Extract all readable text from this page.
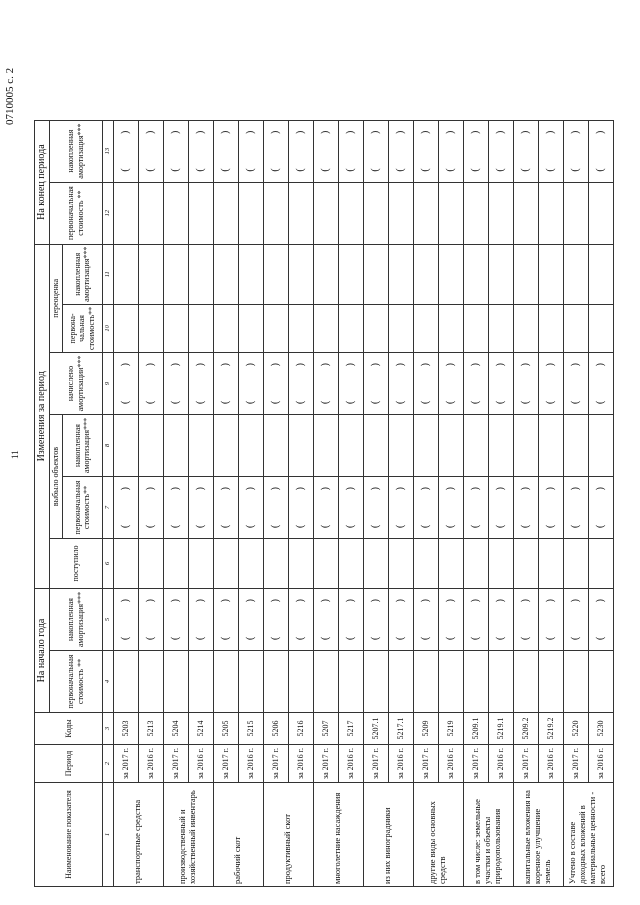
11
0710005 с. 2
Наименование показателя	Период	Коды	На начало года		Изменения за период						На конец периода	
			первоначальная стоимость **	накопленная амортизация***	поступило	выбыло объектов		начислено амортизации***	переоценка		первоначальная стоимость **	накопленная амортизация***
						первоначальная стоимость**	накопленная амортизация***		первона-чальная стоимость**	накопленная амортизация***		
1	2	3	4	5	6	7	8	9	10	11	12	13
транспортные средства	за 2017 г.	5203		(
)		(
)		(
)				(
)

	за 2016 г.	5213		(
)		(
)		(
)				(
)

производственный и хозяйственный инвентарь	за 2017 г.	5204		(
)		(
)		(
)				(
)

	за 2016 г.	5214		(
)		(
)		(
)				(
)

рабочий скот	за 2017 г.	5205		(
)		(
)		(
)				(
)

	за 2016 г.	5215		(
)		(
)		(
)				(
)

продуктивный скот	за 2017 г.	5206		(
)		(
)		(
)				(
)

	за 2016 г.	5216		(
)		(
)		(
)				(
)

многолетние насаждения	за 2017 г.	5207		(
)		(
)		(
)				(
)

	за 2016 г.	5217		(
)		(
)		(
)				(
)

из них виноградники	за 2017 г.	5207.1		(
)		(
)		(
)				(
)

	за 2016 г.	5217.1		(
)		(
)		(
)				(
)

другие виды основных средств	за 2017 г.	5209		(
)		(
)		(
)				(
)

	за 2016 г.	5219		(
)		(
)		(
)				(
)

в том числе: земельные участки и объекты природопользования	за 2017 г.	5209.1		(
)		(
)		(
)				(
)

	за 2016 г.	5219.1		(
)		(
)		(
)				(
)

капитальные вложения на коренное улучшение земель	за 2017 г.	5209.2		(
)		(
)		(
)				(
)

	за 2016 г.	5219.2		(
)		(
)		(
)				(
)

Учтено в составе доходных вложений в материальные ценности - всего	за 2017 г.	5220		(
)		(
)		(
)				(
)

	за 2016 г.	5230		(
)		(
)		(
)				(
)
